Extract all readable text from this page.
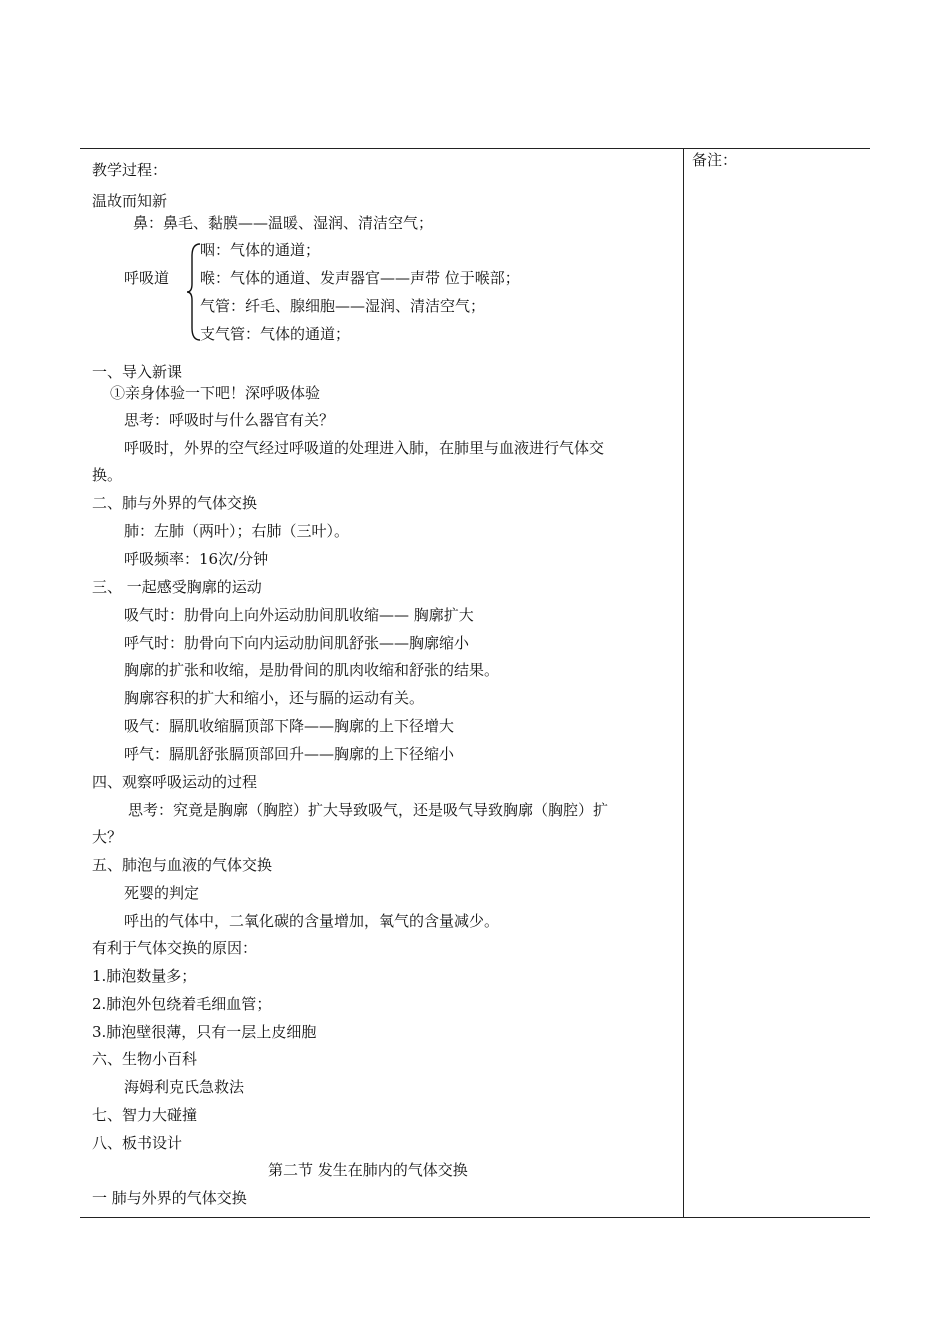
备注：
教学过程：
温故而知新
鼻：鼻毛、黏膜——温暖、湿润、清洁空气；
呼吸道
咽：气体的通道；
喉：气体的通道、发声器官——声带 位于喉部；
气管：纤毛、腺细胞——湿润、清洁空气；
支气管：气体的通道；
一、导入新课
①亲身体验一下吧！深呼吸体验
思考：呼吸时与什么器官有关？
呼吸时，外界的空气经过呼吸道的处理进入肺，在肺里与血液进行气体交
换。
二、肺与外界的气体交换
肺：左肺（两叶）；右肺（三叶）。
呼吸频率：16次/分钟
三、 一起感受胸廓的运动
吸气时：肋骨向上向外运动肋间肌收缩—— 胸廓扩大
呼气时：肋骨向下向内运动肋间肌舒张——胸廓缩小
胸廓的扩张和收缩，是肋骨间的肌肉收缩和舒张的结果。
胸廓容积的扩大和缩小，还与膈的运动有关。
吸气：膈肌收缩膈顶部下降——胸廓的上下径增大
呼气：膈肌舒张膈顶部回升——胸廓的上下径缩小
四、观察呼吸运动的过程
思考：究竟是胸廓（胸腔）扩大导致吸气，还是吸气导致胸廓（胸腔）扩
大？
五、肺泡与血液的气体交换
死婴的判定
呼出的气体中，二氧化碳的含量增加，氧气的含量减少。
有利于气体交换的原因：
1.肺泡数量多；
2.肺泡外包绕着毛细血管；
3.肺泡壁很薄，只有一层上皮细胞
六、生物小百科
海姆利克氏急救法
七、智力大碰撞
八、板书设计
第二节 发生在肺内的气体交换
一 肺与外界的气体交换
